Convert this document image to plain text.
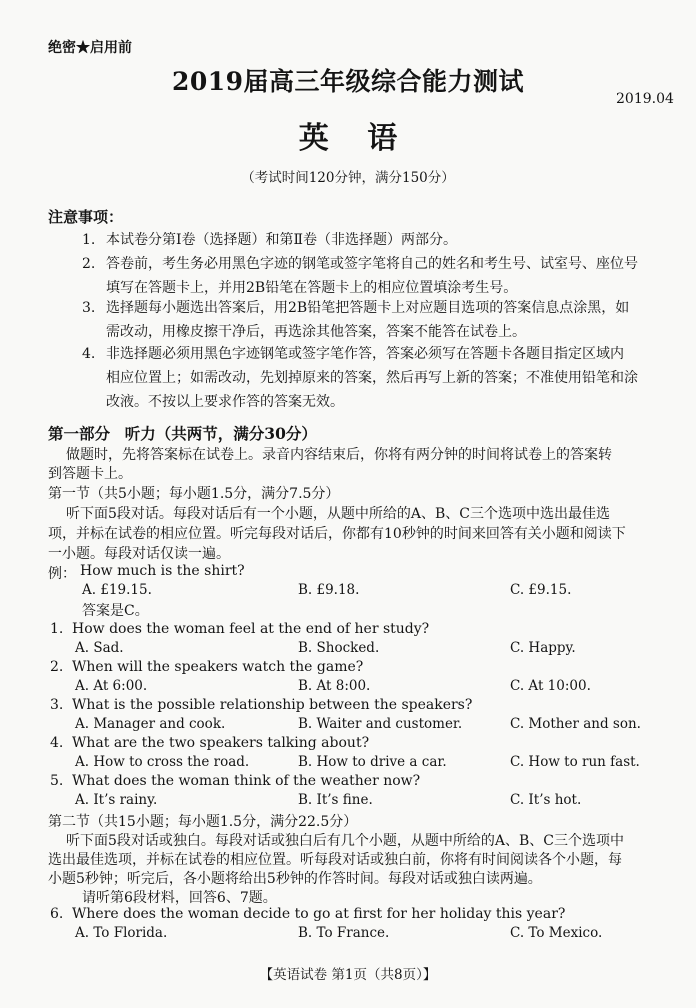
绝密★启用前
2019届高三年级综合能力测试
2019.04
英 语
（考试时间120分钟，满分150分）
注意事项：
1. 本试卷分第Ⅰ卷（选择题）和第Ⅱ卷（非选择题）两部分。
2. 答卷前，考生务必用黑色字迹的钢笔或签字笔将自己的姓名和考生号、试室号、座位号
填写在答题卡上，并用2B铅笔在答题卡上的相应位置填涂考生号。
3. 选择题每小题选出答案后，用2B铅笔把答题卡上对应题目选项的答案信息点涂黑，如
需改动，用橡皮擦干净后，再选涂其他答案，答案不能答在试卷上。
4. 非选择题必须用黑色字迹钢笔或签字笔作答，答案必须写在答题卡各题目指定区域内
相应位置上；如需改动，先划掉原来的答案，然后再写上新的答案；不准使用铅笔和涂
改液。不按以上要求作答的答案无效。
第一部分 听力（共两节，满分30分）
做题时，先将答案标在试卷上。录音内容结束后，你将有两分钟的时间将试卷上的答案转
到答题卡上。
第一节（共5小题；每小题1.5分，满分7.5分）
听下面5段对话。每段对话后有一个小题，从题中所给的A、B、C三个选项中选出最佳选
项，并标在试卷的相应位置。听完每段对话后，你都有10秒钟的时间来回答有关小题和阅读下
一小题。每段对话仅读一遍。
例： How much is the shirt?
A. £19.15.	B. £9.18.	C. £9.15.
答案是C。
1. How does the woman feel at the end of her study?
A. Sad.	B. Shocked.	C. Happy.
2. When will the speakers watch the game?
A. At 6:00.	B. At 8:00.	C. At 10:00.
3. What is the possible relationship between the speakers?
A. Manager and cook.	B. Waiter and customer.	C. Mother and son.
4. What are the two speakers talking about?
A. How to cross the road.	B. How to drive a car.	C. How to run fast.
5. What does the woman think of the weather now?
A. It’s rainy.	B. It’s fine.	C. It’s hot.
第二节（共15小题；每小题1.5分，满分22.5分）
听下面5段对话或独白。每段对话或独白后有几个小题，从题中所给的A、B、C三个选项中
选出最佳选项，并标在试卷的相应位置。听每段对话或独白前，你将有时间阅读各个小题，每
小题5秒钟；听完后，各小题将给出5秒钟的作答时间。每段对话或独白读两遍。
请听第6段材料，回答6、7题。
6. Where does the woman decide to go at first for her holiday this year?
A. To Florida.	B. To France.	C. To Mexico.
【英语试卷 第1页（共8页）】
